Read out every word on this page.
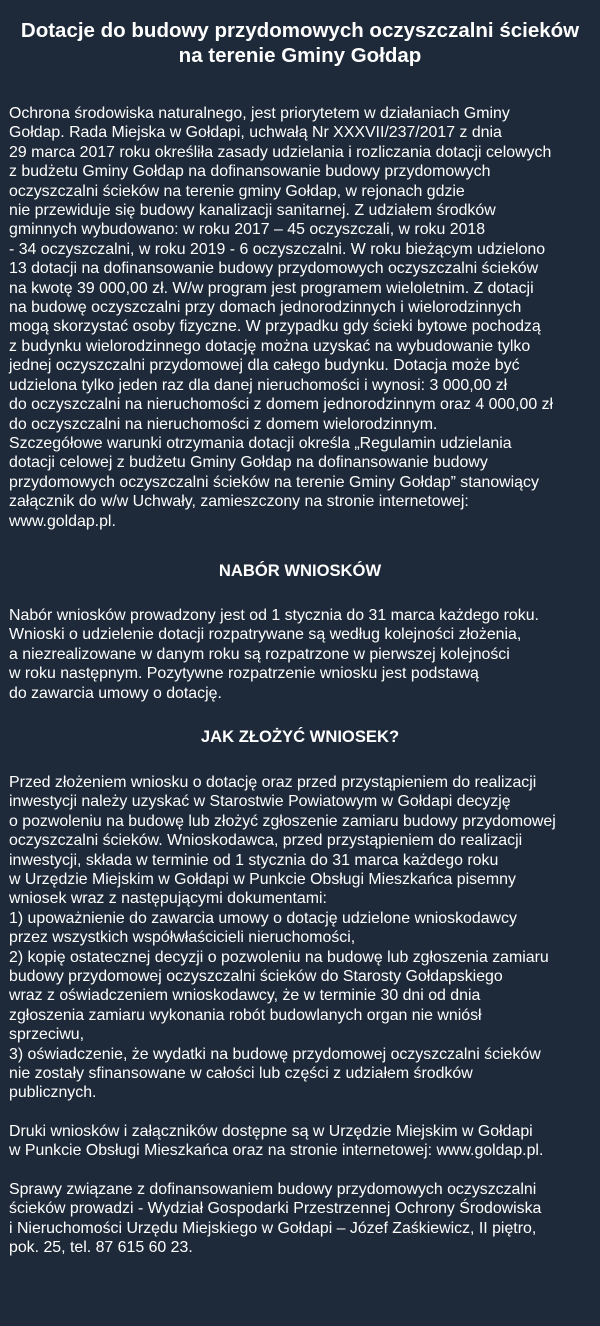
Dotacje do budowy przydomowych oczyszczalni ścieków
na terenie Gminy Gołdap
Ochrona środowiska naturalnego, jest priorytetem w działaniach Gminy
Gołdap. Rada Miejska w Gołdapi, uchwałą Nr XXXVII/237/2017 z dnia
29 marca 2017 roku określiła zasady udzielania i rozliczania dotacji celowych
z budżetu Gminy Gołdap na dofinansowanie budowy przydomowych
oczyszczalni ścieków na terenie gminy Gołdap, w rejonach gdzie
nie przewiduje się budowy kanalizacji sanitarnej. Z udziałem środków
gminnych wybudowano: w roku 2017 – 45 oczyszczali, w roku 2018
- 34 oczyszczalni, w roku 2019 - 6 oczyszczalni. W roku bieżącym udzielono
13 dotacji na dofinansowanie budowy przydomowych oczyszczalni ścieków
na kwotę 39 000,00 zł. W/w program jest programem wieloletnim. Z dotacji
na budowę oczyszczalni przy domach jednorodzinnych i wielorodzinnych
mogą skorzystać osoby fizyczne. W przypadku gdy ścieki bytowe pochodzą
z budynku wielorodzinnego dotację można uzyskać na wybudowanie tylko
jednej oczyszczalni przydomowej dla całego budynku. Dotacja może być
udzielona tylko jeden raz dla danej nieruchomości i wynosi: 3 000,00 zł
do oczyszczalni na nieruchomości z domem jednorodzinnym oraz 4 000,00 zł
do oczyszczalni na nieruchomości z domem wielorodzinnym.
Szczegółowe warunki otrzymania dotacji określa „Regulamin udzielania
dotacji celowej z budżetu Gminy Gołdap na dofinansowanie budowy
przydomowych oczyszczalni ścieków na terenie Gminy Gołdap” stanowiący
załącznik do w/w Uchwały, zamieszczony na stronie internetowej:
www.goldap.pl.
NABÓR WNIOSKÓW
Nabór wniosków prowadzony jest od 1 stycznia do 31 marca każdego roku.
Wnioski o udzielenie dotacji rozpatrywane są według kolejności złożenia,
a niezrealizowane w danym roku są rozpatrzone w pierwszej kolejności
w roku następnym. Pozytywne rozpatrzenie wniosku jest podstawą
do zawarcia umowy o dotację.
JAK ZŁOŻYĆ WNIOSEK?
Przed złożeniem wniosku o dotację oraz przed przystąpieniem do realizacji
inwestycji należy uzyskać w Starostwie Powiatowym w Gołdapi decyzję
o pozwoleniu na budowę lub złożyć zgłoszenie zamiaru budowy przydomowej
oczyszczalni ścieków. Wnioskodawca, przed przystąpieniem do realizacji
inwestycji, składa w terminie od 1 stycznia do 31 marca każdego roku
w Urzędzie Miejskim w Gołdapi w Punkcie Obsługi Mieszkańca pisemny
wniosek wraz z następującymi dokumentami:
1) upoważnienie do zawarcia umowy o dotację udzielone wnioskodawcy
przez wszystkich współwłaścicieli nieruchomości,
2) kopię ostatecznej decyzji o pozwoleniu na budowę lub zgłoszenia zamiaru
budowy przydomowej oczyszczalni ścieków do Starosty Gołdapskiego
wraz z oświadczeniem wnioskodawcy, że w terminie 30 dni od dnia
zgłoszenia zamiaru wykonania robót budowlanych organ nie wniósł
sprzeciwu,
3) oświadczenie, że wydatki na budowę przydomowej oczyszczalni ścieków
nie zostały sfinansowane w całości lub części z udziałem środków
publicznych.
Druki wniosków i załączników dostępne są w Urzędzie Miejskim w Gołdapi
w Punkcie Obsługi Mieszkańca oraz na stronie internetowej: www.goldap.pl.
Sprawy związane z dofinansowaniem budowy przydomowych oczyszczalni
ścieków prowadzi - Wydział Gospodarki Przestrzennej Ochrony Środowiska
i Nieruchomości Urzędu Miejskiego w Gołdapi – Józef Zaśkiewicz, II piętro,
pok. 25, tel. 87 615 60 23.
